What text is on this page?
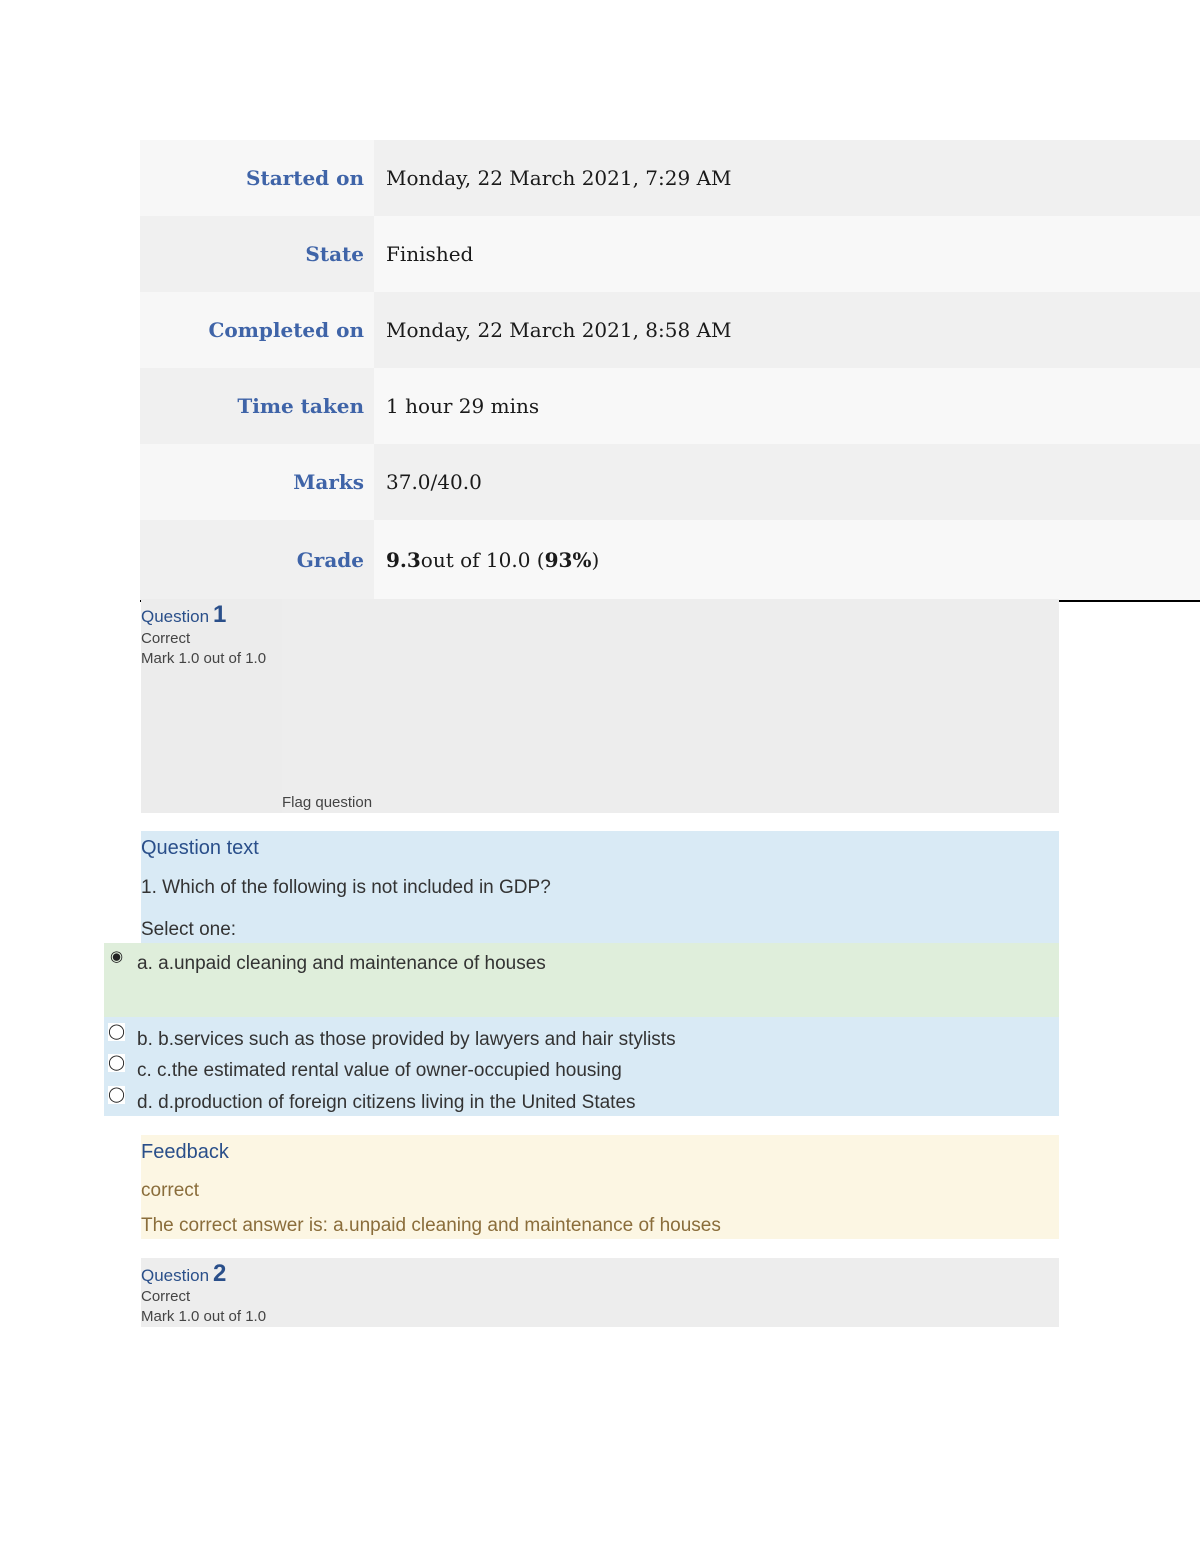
Started on	Monday, 22 March 2021, 7:29 AM
State	Finished
Completed on	Monday, 22 March 2021, 8:58 AM
Time taken	1 hour 29 mins
Marks	37.0/40.0
Grade	9.3 out of 10.0 ( 93% )
Question 1
Correct
Mark 1.0 out of 1.0
Flag question
Question text
1. Which of the following is not included in GDP?
Select one:
◉
◯
◯
◯
a. a.unpaid cleaning and maintenance of houses
b. b.services such as those provided by lawyers and hair stylists
c. c.the estimated rental value of owner-occupied housing
d. d.production of foreign citizens living in the United States
Feedback
correct
The correct answer is: a.unpaid cleaning and maintenance of houses
Question 2
Correct
Mark 1.0 out of 1.0
